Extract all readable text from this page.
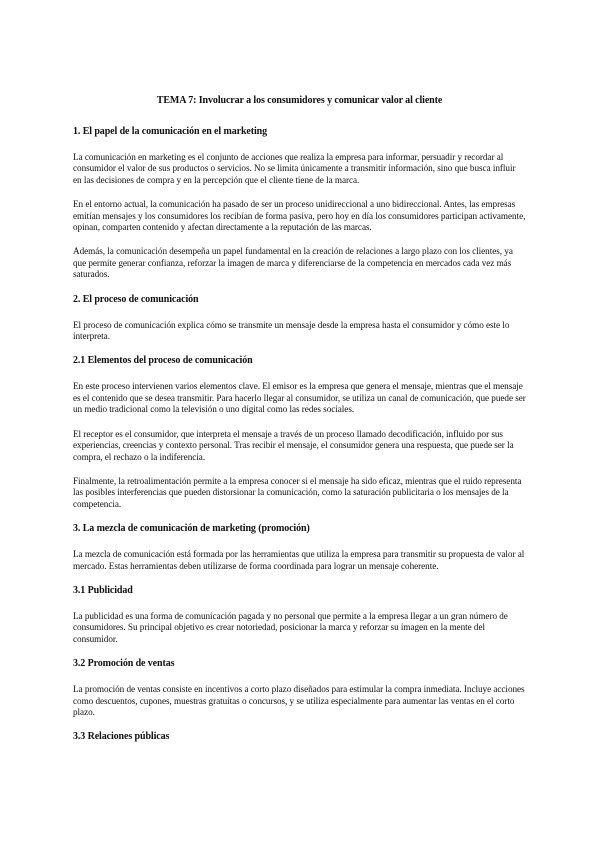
TEMA 7: Involucrar a los consumidores y comunicar valor al cliente
1. El papel de la comunicación en el marketing

La comunicación en marketing es el conjunto de acciones que realiza la empresa para informar, persuadir y recordar al consumidor el valor de sus productos o servicios. No se limita únicamente a transmitir información, sino que busca influir en las decisiones de compra y en la percepción que el cliente tiene de la marca.

En el entorno actual, la comunicación ha pasado de ser un proceso unidireccional a uno bidireccional. Antes, las empresas emitían mensajes y los consumidores los recibían de forma pasiva, pero hoy en día los consumidores participan activamente, opinan, comparten contenido y afectan directamente a la reputación de las marcas.

Además, la comunicación desempeña un papel fundamental en la creación de relaciones a largo plazo con los clientes, ya que permite generar confianza, reforzar la imagen de marca y diferenciarse de la competencia en mercados cada vez más saturados.

2. El proceso de comunicación

El proceso de comunicación explica cómo se transmite un mensaje desde la empresa hasta el consumidor y cómo este lo interpreta.

2.1 Elementos del proceso de comunicación

En este proceso intervienen varios elementos clave. El emisor es la empresa que genera el mensaje, mientras que el mensaje es el contenido que se desea transmitir. Para hacerlo llegar al consumidor, se utiliza un canal de comunicación, que puede ser un medio tradicional como la televisión o uno digital como las redes sociales.

El receptor es el consumidor, que interpreta el mensaje a través de un proceso llamado decodificación, influido por sus experiencias, creencias y contexto personal. Tras recibir el mensaje, el consumidor genera una respuesta, que puede ser la compra, el rechazo o la indiferencia.

Finalmente, la retroalimentación permite a la empresa conocer si el mensaje ha sido eficaz, mientras que el ruido representa las posibles interferencias que pueden distorsionar la comunicación, como la saturación publicitaria o los mensajes de la competencia.

3. La mezcla de comunicación de marketing (promoción)

La mezcla de comunicación está formada por las herramientas que utiliza la empresa para transmitir su propuesta de valor al mercado. Estas herramientas deben utilizarse de forma coordinada para lograr un mensaje coherente.

3.1 Publicidad

La publicidad es una forma de comunicación pagada y no personal que permite a la empresa llegar a un gran número de consumidores. Su principal objetivo es crear notoriedad, posicionar la marca y reforzar su imagen en la mente del consumidor.

3.2 Promoción de ventas

La promoción de ventas consiste en incentivos a corto plazo diseñados para estimular la compra inmediata. Incluye acciones como descuentos, cupones, muestras gratuitas o concursos, y se utiliza especialmente para aumentar las ventas en el corto plazo.

3.3 Relaciones públicas
